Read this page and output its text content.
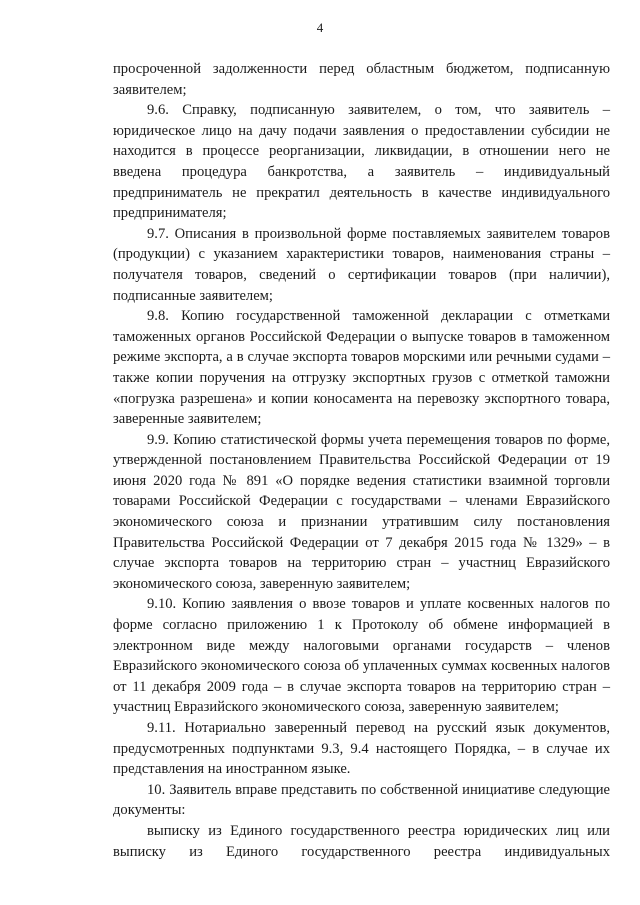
4

просроченной задолженности перед областным бюджетом, подписанную заявителем;

9.6. Справку, подписанную заявителем, о том, что заявитель – юридическое лицо на дачу подачи заявления о предоставлении субсидии не находится в процессе реорганизации, ликвидации, в отношении него не введена процедура банкротства, а заявитель – индивидуальный предприниматель не прекратил деятельность в качестве индивидуального предпринимателя;

9.7. Описания в произвольной форме поставляемых заявителем товаров (продукции) с указанием характеристики товаров, наименования страны – получателя товаров, сведений о сертификации товаров (при наличии), подписанные заявителем;

9.8. Копию государственной таможенной декларации с отметками таможенных органов Российской Федерации о выпуске товаров в таможенном режиме экспорта, а в случае экспорта товаров морскими или речными судами – также копии поручения на отгрузку экспортных грузов с отметкой таможни «погрузка разрешена» и копии коносамента на перевозку экспортного товара, заверенные заявителем;

9.9. Копию статистической формы учета перемещения товаров по форме, утвержденной постановлением Правительства Российской Федерации от 19 июня 2020 года № 891 «О порядке ведения статистики взаимной торговли товарами Российской Федерации с государствами – членами Евразийского экономического союза и признании утратившим силу постановления Правительства Российской Федерации от 7 декабря 2015 года № 1329» – в случае экспорта товаров на территорию стран – участниц Евразийского экономического союза, заверенную заявителем;

9.10. Копию заявления о ввозе товаров и уплате косвенных налогов по форме согласно приложению 1 к Протоколу об обмене информацией в электронном виде между налоговыми органами государств – членов Евразийского экономического союза об уплаченных суммах косвенных налогов от 11 декабря 2009 года – в случае экспорта товаров на территорию стран – участниц Евразийского экономического союза, заверенную заявителем;

9.11. Нотариально заверенный перевод на русский язык документов, предусмотренных подпунктами 9.3, 9.4 настоящего Порядка, – в случае их представления на иностранном языке.

10. Заявитель вправе представить по собственной инициативе следующие документы:

выписку из Единого государственного реестра юридических лиц или выписку из Единого государственного реестра индивидуальных
